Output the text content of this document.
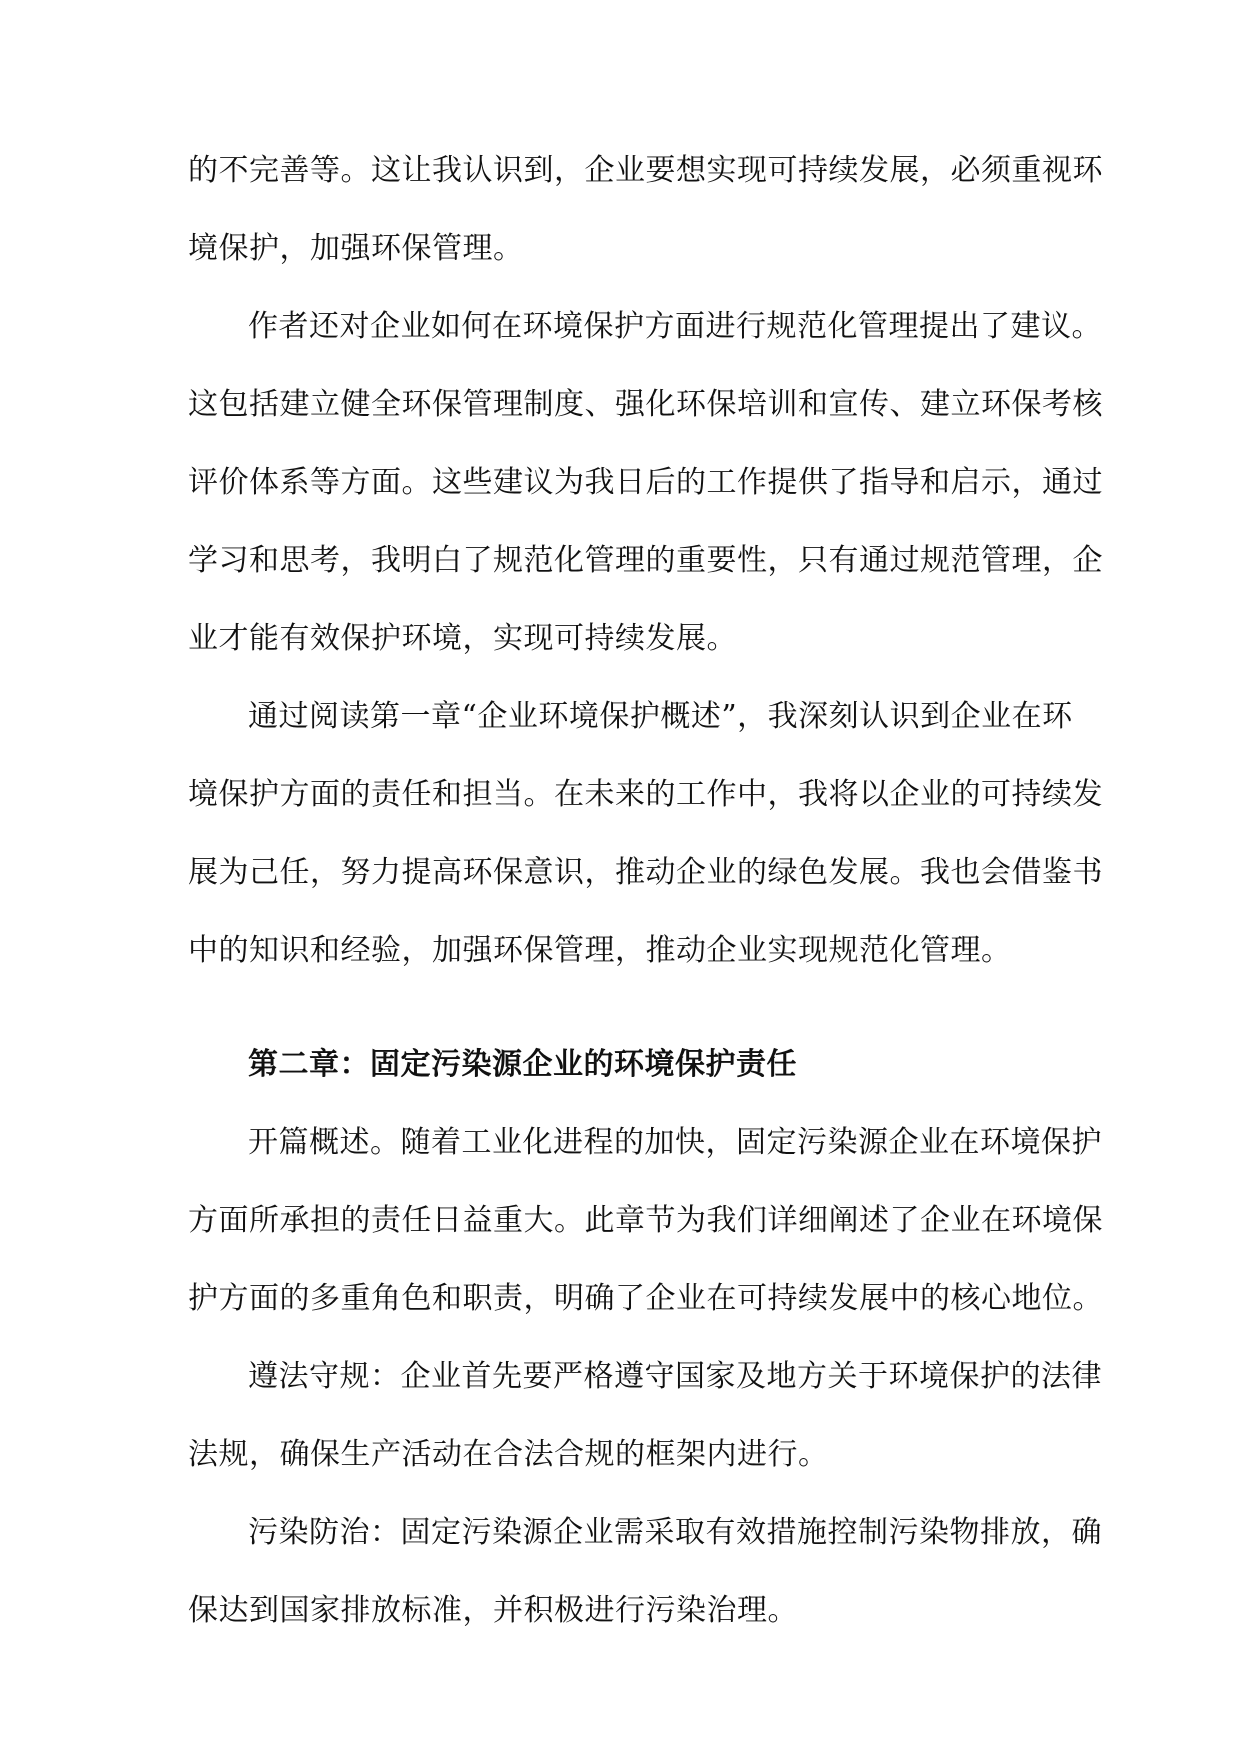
的不完善等。这让我认识到，企业要想实现可持续发展，必须重视环
境保护，加强环保管理。
作者还对企业如何在环境保护方面进行规范化管理提出了建议。
这包括建立健全环保管理制度、强化环保培训和宣传、建立环保考核
评价体系等方面。这些建议为我日后的工作提供了指导和启示，通过
学习和思考，我明白了规范化管理的重要性，只有通过规范管理，企
业才能有效保护环境，实现可持续发展。
通过阅读第一章“企业环境保护概述”，我深刻认识到企业在环
境保护方面的责任和担当。在未来的工作中，我将以企业的可持续发
展为己任，努力提高环保意识，推动企业的绿色发展。我也会借鉴书
中的知识和经验，加强环保管理，推动企业实现规范化管理。
第二章：固定污染源企业的环境保护责任
开篇概述。随着工业化进程的加快，固定污染源企业在环境保护
方面所承担的责任日益重大。此章节为我们详细阐述了企业在环境保
护方面的多重角色和职责，明确了企业在可持续发展中的核心地位。
遵法守规：企业首先要严格遵守国家及地方关于环境保护的法律
法规，确保生产活动在合法合规的框架内进行。
污染防治：固定污染源企业需采取有效措施控制污染物排放，确
保达到国家排放标准，并积极进行污染治理。
